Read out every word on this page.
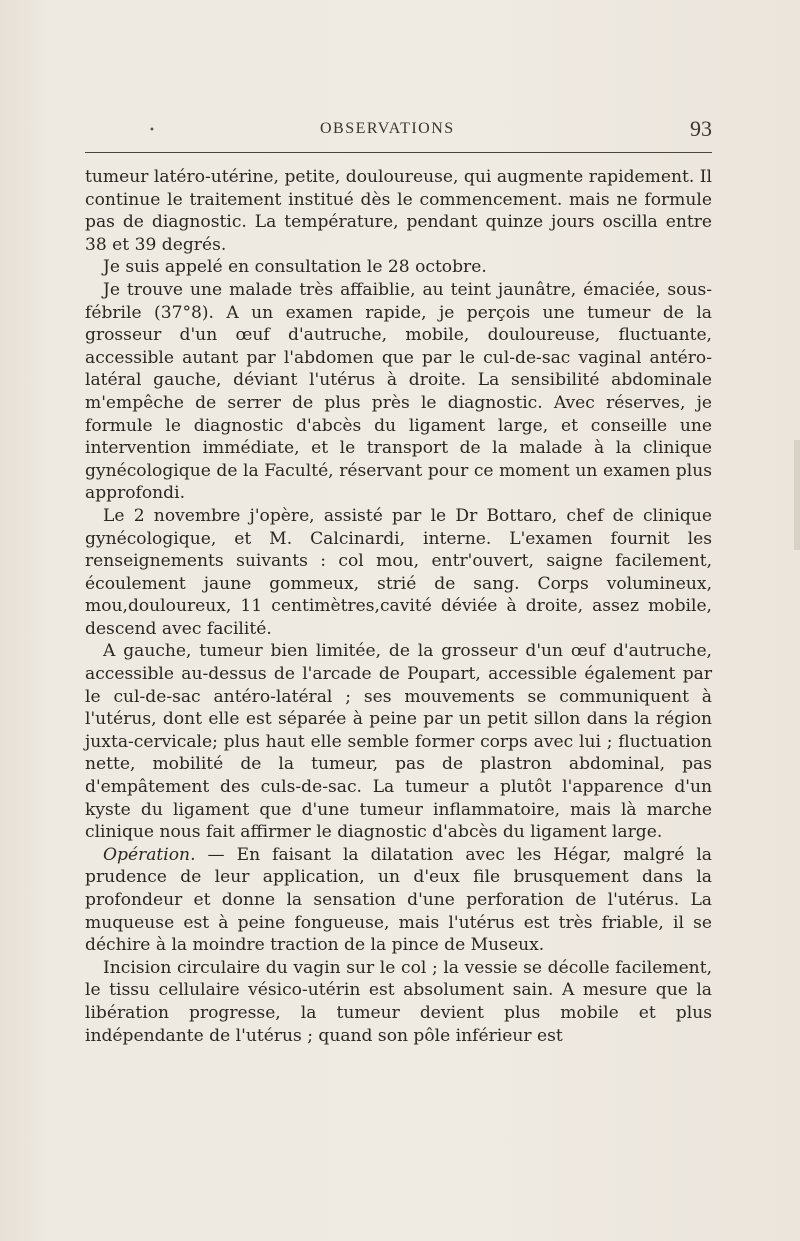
•	OBSERVATIONS	93

tumeur latéro-utérine, petite, douloureuse, qui augmente rapidement. Il continue le traitement institué dès le commencement. mais ne formule pas de diagnostic. La température, pendant quinze jours oscilla entre 38 et 39 degrés.

Je suis appelé en consultation le 28 octobre.

Je trouve une malade très affaiblie, au teint jaunâtre, émaciée, sous-fébrile (37°8). A un examen rapide, je perçois une tumeur de la grosseur d'un œuf d'autruche, mobile, douloureuse, fluctuante, accessible autant par l'abdomen que par le cul-de-sac vaginal antéro-latéral gauche, déviant l'utérus à droite. La sensibilité abdominale m'empêche de serrer de plus près le diagnostic. Avec réserves, je formule le diagnostic d'abcès du ligament large, et conseille une intervention immédiate, et le transport de la malade à la clinique gynécologique de la Faculté, réservant pour ce moment un examen plus approfondi.

Le 2 novembre j'opère, assisté par le Dr Bottaro, chef de clinique gynécologique, et M. Calcinardi, interne. L'examen fournit les renseignements suivants : col mou, entr'ouvert, saigne facilement, écoulement jaune gommeux, strié de sang. Corps volumineux, mou,douloureux, 11 centimètres,cavité déviée à droite, assez mobile, descend avec facilité.

A gauche, tumeur bien limitée, de la grosseur d'un œuf d'autruche, accessible au-dessus de l'arcade de Poupart, accessible également par le cul-de-sac antéro-latéral ; ses mouvements se communiquent à l'utérus, dont elle est séparée à peine par un petit sillon dans la région juxta-cervicale; plus haut elle semble former corps avec lui ; fluctuation nette, mobilité de la tumeur, pas de plastron abdominal, pas d'empâtement des culs-de-sac. La tumeur a plutôt l'apparence d'un kyste du ligament que d'une tumeur inflammatoire, mais là marche clinique nous fait affirmer le diagnostic d'abcès du ligament large.

Opération. — En faisant la dilatation avec les Hégar, malgré la prudence de leur application, un d'eux file brusquement dans la profondeur et donne la sensation d'une perforation de l'utérus. La muqueuse est à peine fongueuse, mais l'utérus est très friable, il se déchire à la moindre traction de la pince de Museux.

Incision circulaire du vagin sur le col ; la vessie se décolle facilement, le tissu cellulaire vésico-utérin est absolument sain. A mesure que la libération progresse, la tumeur devient plus mobile et plus indépendante de l'utérus ; quand son pôle inférieur est
